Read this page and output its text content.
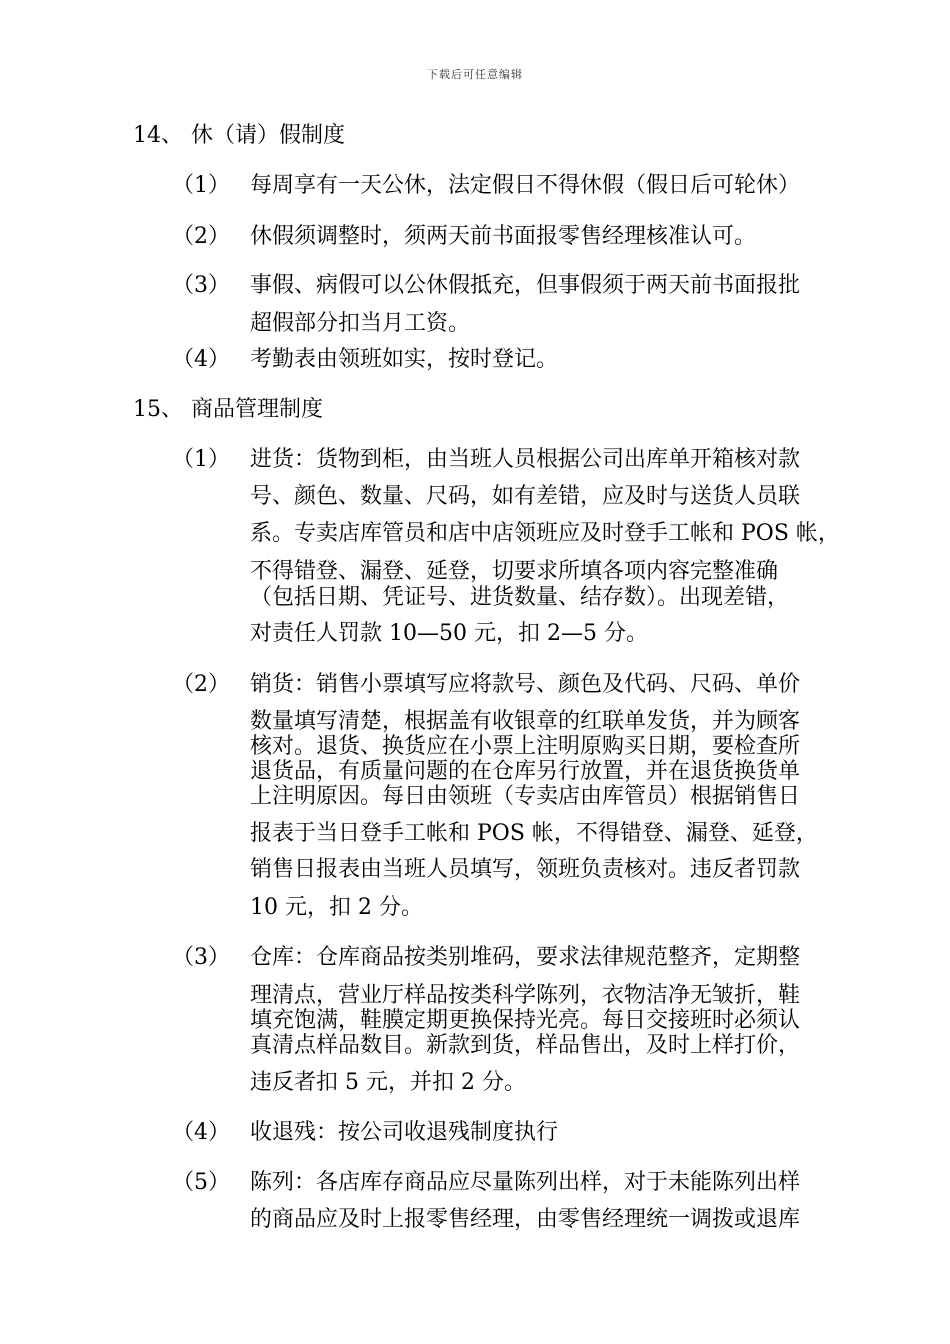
下载后可任意编辑
14、 休（请）假制度
（1） 每周享有一天公休，法定假日不得休假（假日后可轮休）
（2） 休假须调整时，须两天前书面报零售经理核准认可。
（3） 事假、病假可以公休假抵充，但事假须于两天前书面报批
超假部分扣当月工资。
（4） 考勤表由领班如实，按时登记。
15、 商品管理制度
（1） 进货：货物到柜，由当班人员根据公司出库单开箱核对款
号、颜色、数量、尺码，如有差错，应及时与送货人员联
系。专卖店库管员和店中店领班应及时登手工帐和 POS 帐，
不得错登、漏登、延登，切要求所填各项内容完整准确
（包括日期、凭证号、进货数量、结存数）。出现差错，
对责任人罚款 10—50 元，扣 2—5 分。
（2） 销货：销售小票填写应将款号、颜色及代码、尺码、单价
数量填写清楚，根据盖有收银章的红联单发货，并为顾客
核对。退货、换货应在小票上注明原购买日期，要检查所
退货品，有质量问题的在仓库另行放置，并在退货换货单
上注明原因。每日由领班（专卖店由库管员）根据销售日
报表于当日登手工帐和 POS 帐，不得错登、漏登、延登，
销售日报表由当班人员填写，领班负责核对。违反者罚款
10 元，扣 2 分。
（3） 仓库：仓库商品按类别堆码，要求法律规范整齐，定期整
理清点，营业厅样品按类科学陈列，衣物洁净无皱折，鞋
填充饱满，鞋膜定期更换保持光亮。每日交接班时必须认
真清点样品数目。新款到货，样品售出，及时上样打价，
违反者扣 5 元，并扣 2 分。
（4） 收退残：按公司收退残制度执行
（5） 陈列：各店库存商品应尽量陈列出样，对于未能陈列出样
的商品应及时上报零售经理，由零售经理统一调拨或退库
